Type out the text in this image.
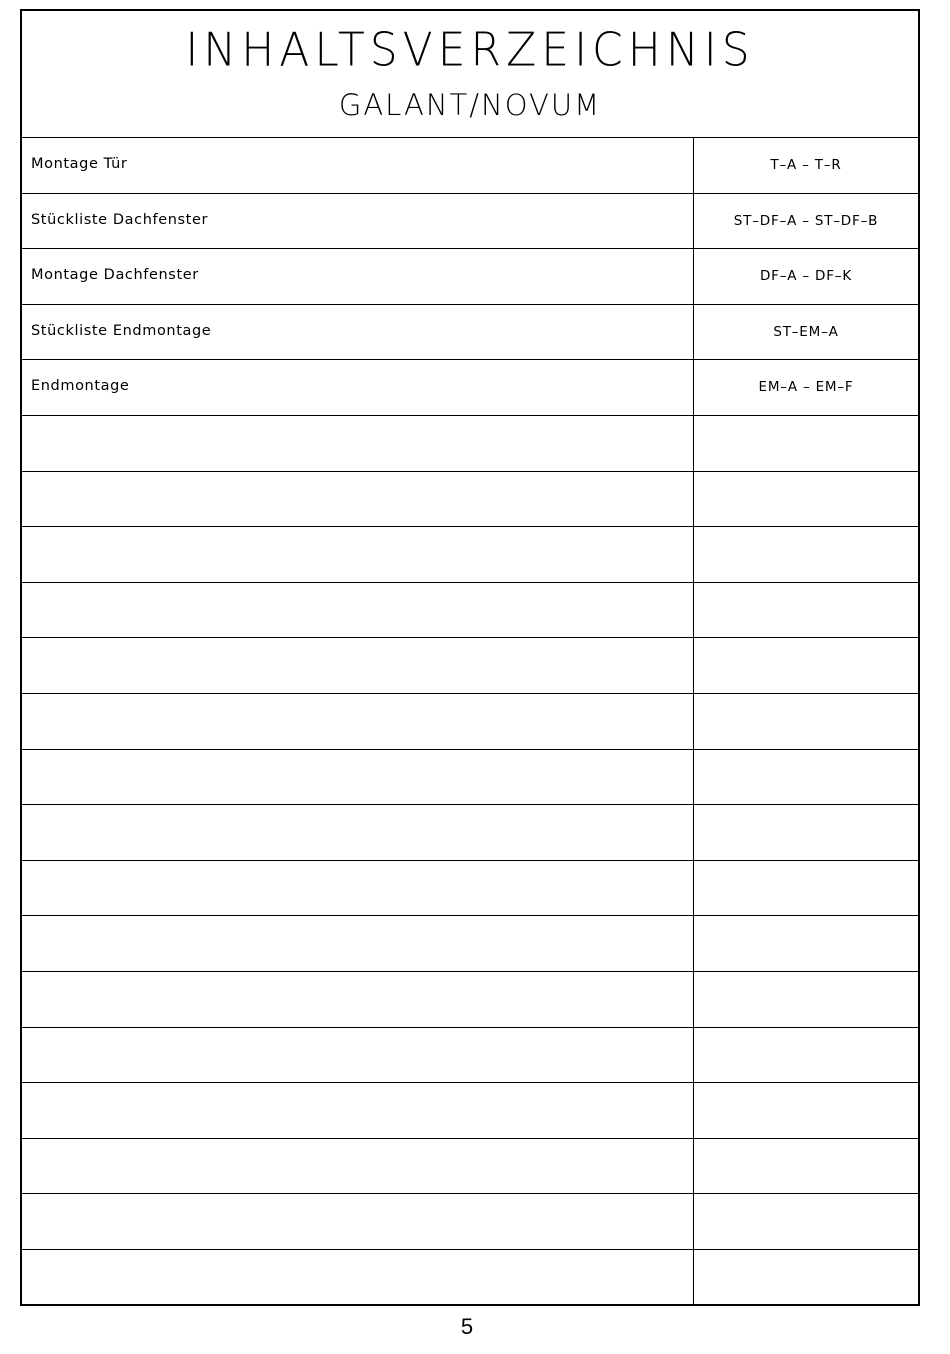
INHALTSVERZEICHNIS
GALANT/NOVUM
Montage Tür	T–A – T–R
Stückliste Dachfenster	ST–DF–A – ST–DF–B
Montage Dachfenster	DF–A – DF–K
Stückliste Endmontage	ST–EM–A
Endmontage	EM–A – EM–F
5
